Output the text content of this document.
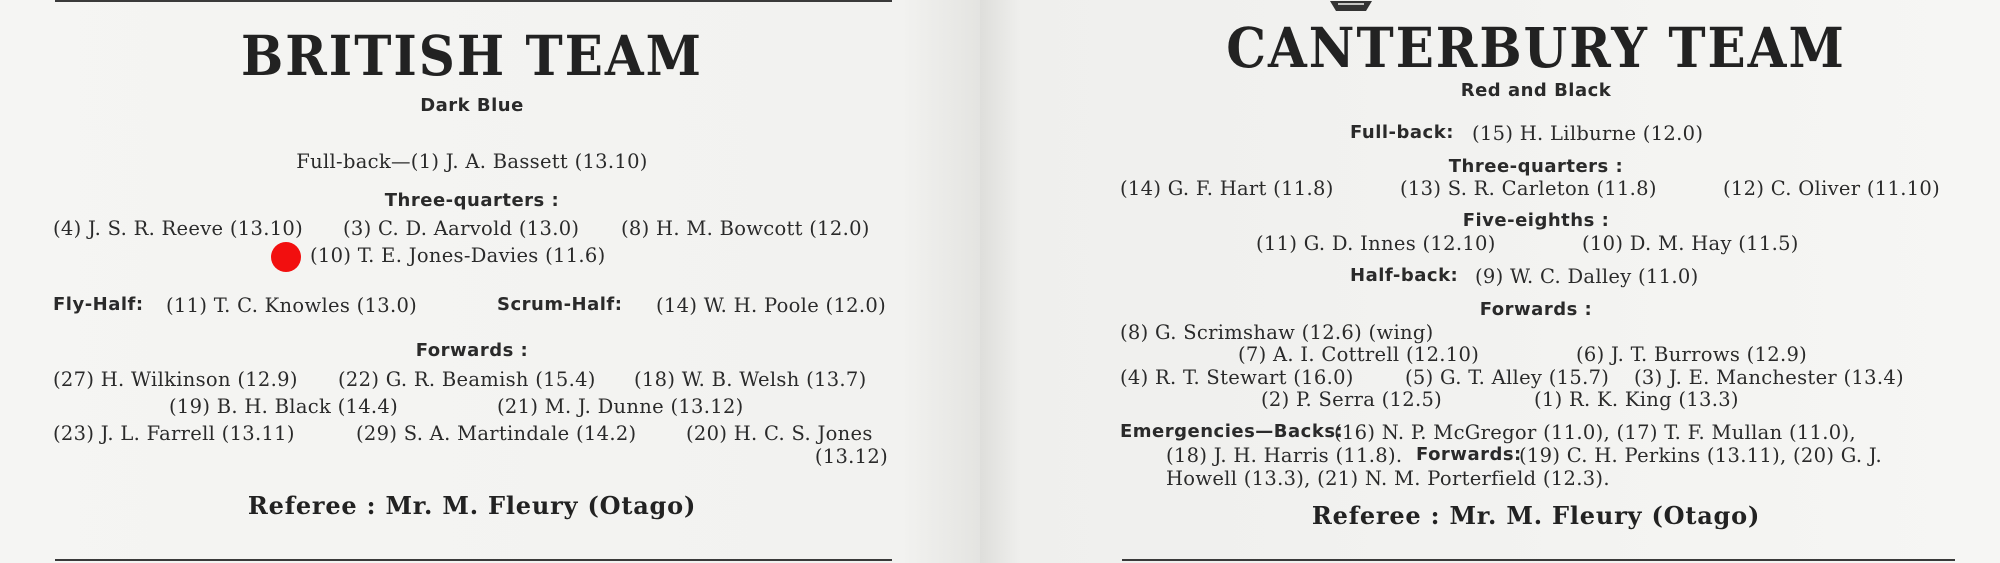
BRITISH TEAM
Dark Blue
Full-back—(1) J. A. Bassett (13.10)
Three-quarters :
(4) J. S. R. Reeve (13.10) (3) C. D. Aarvold (13.0) (8) H. M. Bowcott (12.0)
(10) T. E. Jones-Davies (11.6)
Fly-Half: (11) T. C. Knowles (13.0)	Scrum-Half: (14) W. H. Poole (12.0)
Forwards :
(27) H. Wilkinson (12.9) (22) G. R. Beamish (15.4) (18) W. B. Welsh (13.7)
(19) B. H. Black (14.4)	(21) M. J. Dunne (13.12)
(23) J. L. Farrell (13.11)	(29) S. A. Martindale (14.2)	(20) H. C. S. Jones
(13.12)
Referee : Mr. M. Fleury (Otago)
CANTERBURY TEAM
Red and Black
Full-back: (15) H. Lilburne (12.0)
Three-quarters :
(14) G. F. Hart (11.8)	(13) S. R. Carleton (11.8)	(12) C. Oliver (11.10)
Five-eighths :
(11) G. D. Innes (12.10)	(10) D. M. Hay (11.5)
Half-back: (9) W. C. Dalley (11.0)
Forwards :
(8) G. Scrimshaw (12.6) (wing)
(7) A. I. Cottrell (12.10)	(6) J. T. Burrows (12.9)
(4) R. T. Stewart (16.0)	(5) G. T. Alley (15.7) (3) J. E. Manchester (13.4)
(2) P. Serra (12.5)	(1) R. K. King (13.3)
Emergencies—Backs:
(16) N. P. McGregor (11.0), (17) T. F. Mullan (11.0),
(18) J. H. Harris (11.8). Forwards:
(19) C. H. Perkins (13.11), (20) G. J.
Howell (13.3), (21) N. M. Porterfield (12.3).
Referee : Mr. M. Fleury (Otago)
